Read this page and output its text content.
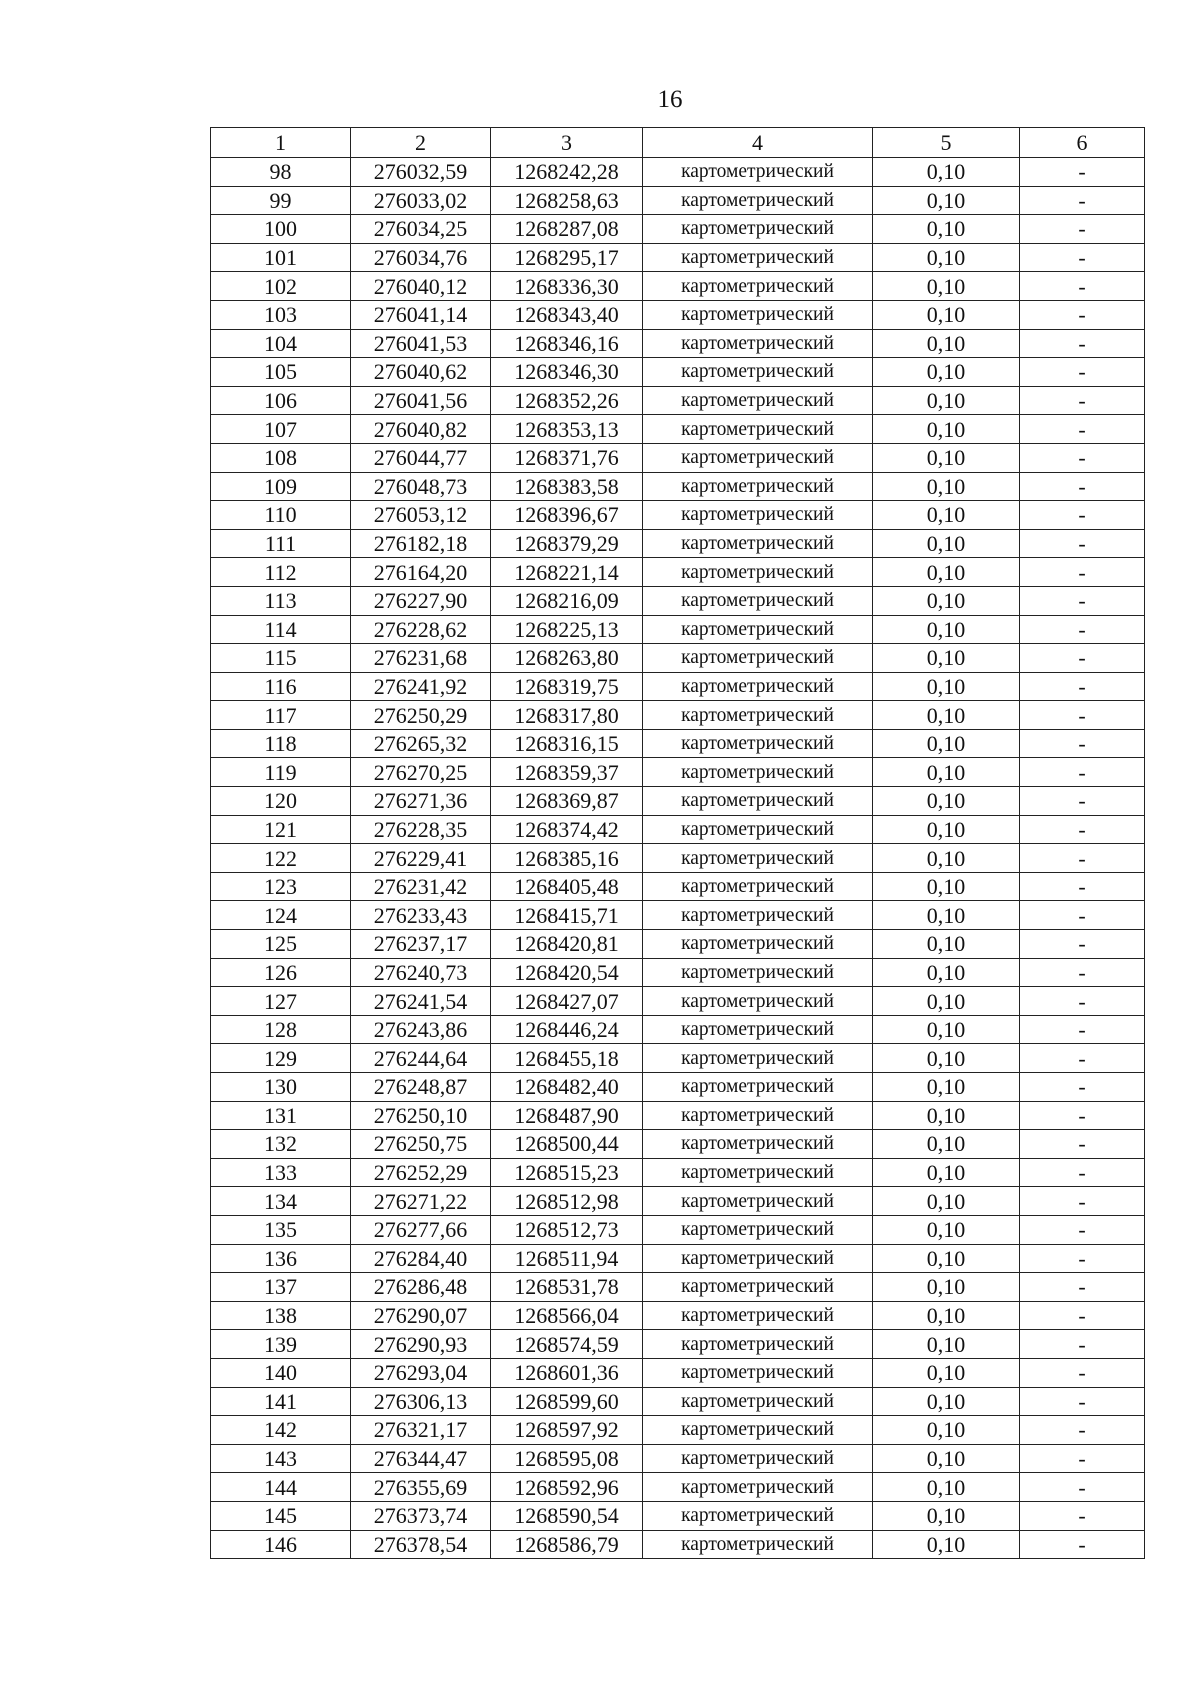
16
1	2	3	4	5	6
98	276032,59	1268242,28	картометрический	0,10	-
99	276033,02	1268258,63	картометрический	0,10	-
100	276034,25	1268287,08	картометрический	0,10	-
101	276034,76	1268295,17	картометрический	0,10	-
102	276040,12	1268336,30	картометрический	0,10	-
103	276041,14	1268343,40	картометрический	0,10	-
104	276041,53	1268346,16	картометрический	0,10	-
105	276040,62	1268346,30	картометрический	0,10	-
106	276041,56	1268352,26	картометрический	0,10	-
107	276040,82	1268353,13	картометрический	0,10	-
108	276044,77	1268371,76	картометрический	0,10	-
109	276048,73	1268383,58	картометрический	0,10	-
110	276053,12	1268396,67	картометрический	0,10	-
111	276182,18	1268379,29	картометрический	0,10	-
112	276164,20	1268221,14	картометрический	0,10	-
113	276227,90	1268216,09	картометрический	0,10	-
114	276228,62	1268225,13	картометрический	0,10	-
115	276231,68	1268263,80	картометрический	0,10	-
116	276241,92	1268319,75	картометрический	0,10	-
117	276250,29	1268317,80	картометрический	0,10	-
118	276265,32	1268316,15	картометрический	0,10	-
119	276270,25	1268359,37	картометрический	0,10	-
120	276271,36	1268369,87	картометрический	0,10	-
121	276228,35	1268374,42	картометрический	0,10	-
122	276229,41	1268385,16	картометрический	0,10	-
123	276231,42	1268405,48	картометрический	0,10	-
124	276233,43	1268415,71	картометрический	0,10	-
125	276237,17	1268420,81	картометрический	0,10	-
126	276240,73	1268420,54	картометрический	0,10	-
127	276241,54	1268427,07	картометрический	0,10	-
128	276243,86	1268446,24	картометрический	0,10	-
129	276244,64	1268455,18	картометрический	0,10	-
130	276248,87	1268482,40	картометрический	0,10	-
131	276250,10	1268487,90	картометрический	0,10	-
132	276250,75	1268500,44	картометрический	0,10	-
133	276252,29	1268515,23	картометрический	0,10	-
134	276271,22	1268512,98	картометрический	0,10	-
135	276277,66	1268512,73	картометрический	0,10	-
136	276284,40	1268511,94	картометрический	0,10	-
137	276286,48	1268531,78	картометрический	0,10	-
138	276290,07	1268566,04	картометрический	0,10	-
139	276290,93	1268574,59	картометрический	0,10	-
140	276293,04	1268601,36	картометрический	0,10	-
141	276306,13	1268599,60	картометрический	0,10	-
142	276321,17	1268597,92	картометрический	0,10	-
143	276344,47	1268595,08	картометрический	0,10	-
144	276355,69	1268592,96	картометрический	0,10	-
145	276373,74	1268590,54	картометрический	0,10	-
146	276378,54	1268586,79	картометрический	0,10	-
